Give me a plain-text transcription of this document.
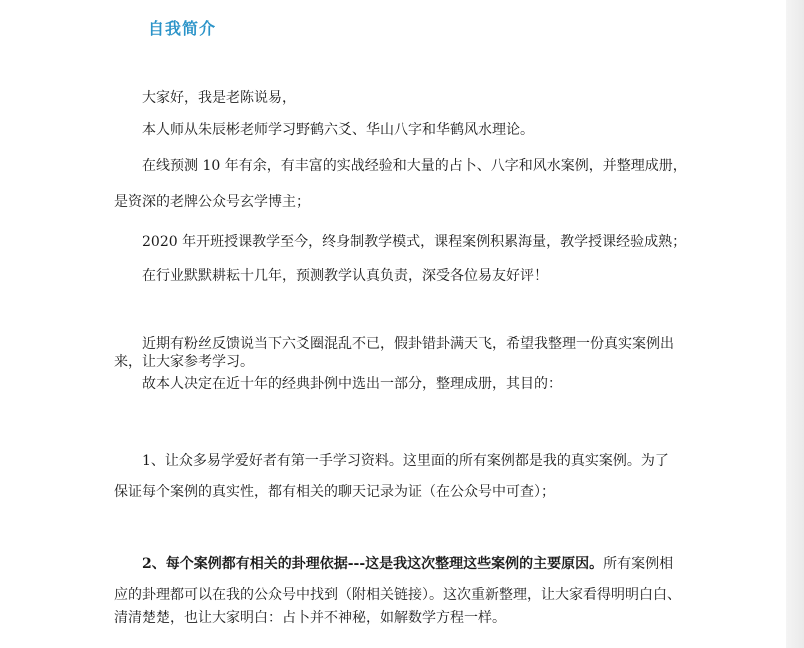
自我简介
大家好，我是老陈说易，
本人师从朱辰彬老师学习野鹤六爻、华山八字和华鹤风水理论。
在线预测 10 年有余，有丰富的实战经验和大量的占卜、八字和风水案例，并整理成册，
是资深的老牌公众号玄学博主；
2020 年开班授课教学至今，终身制教学模式，课程案例积累海量，教学授课经验成熟；
在行业默默耕耘十几年，预测教学认真负责，深受各位易友好评！
近期有粉丝反馈说当下六爻圈混乱不已，假卦错卦满天飞，希望我整理一份真实案例出
来，让大家参考学习。
故本人决定在近十年的经典卦例中选出一部分，整理成册，其目的：
1、让众多易学爱好者有第一手学习资料。这里面的所有案例都是我的真实案例。为了
保证每个案例的真实性，都有相关的聊天记录为证（在公众号中可查）；
2、每个案例都有相关的卦理依据---这是我这次整理这些案例的主要原因。所有案例相
应的卦理都可以在我的公众号中找到（附相关链接）。这次重新整理，让大家看得明明白白、
清清楚楚，也让大家明白：占卜并不神秘，如解数学方程一样。
